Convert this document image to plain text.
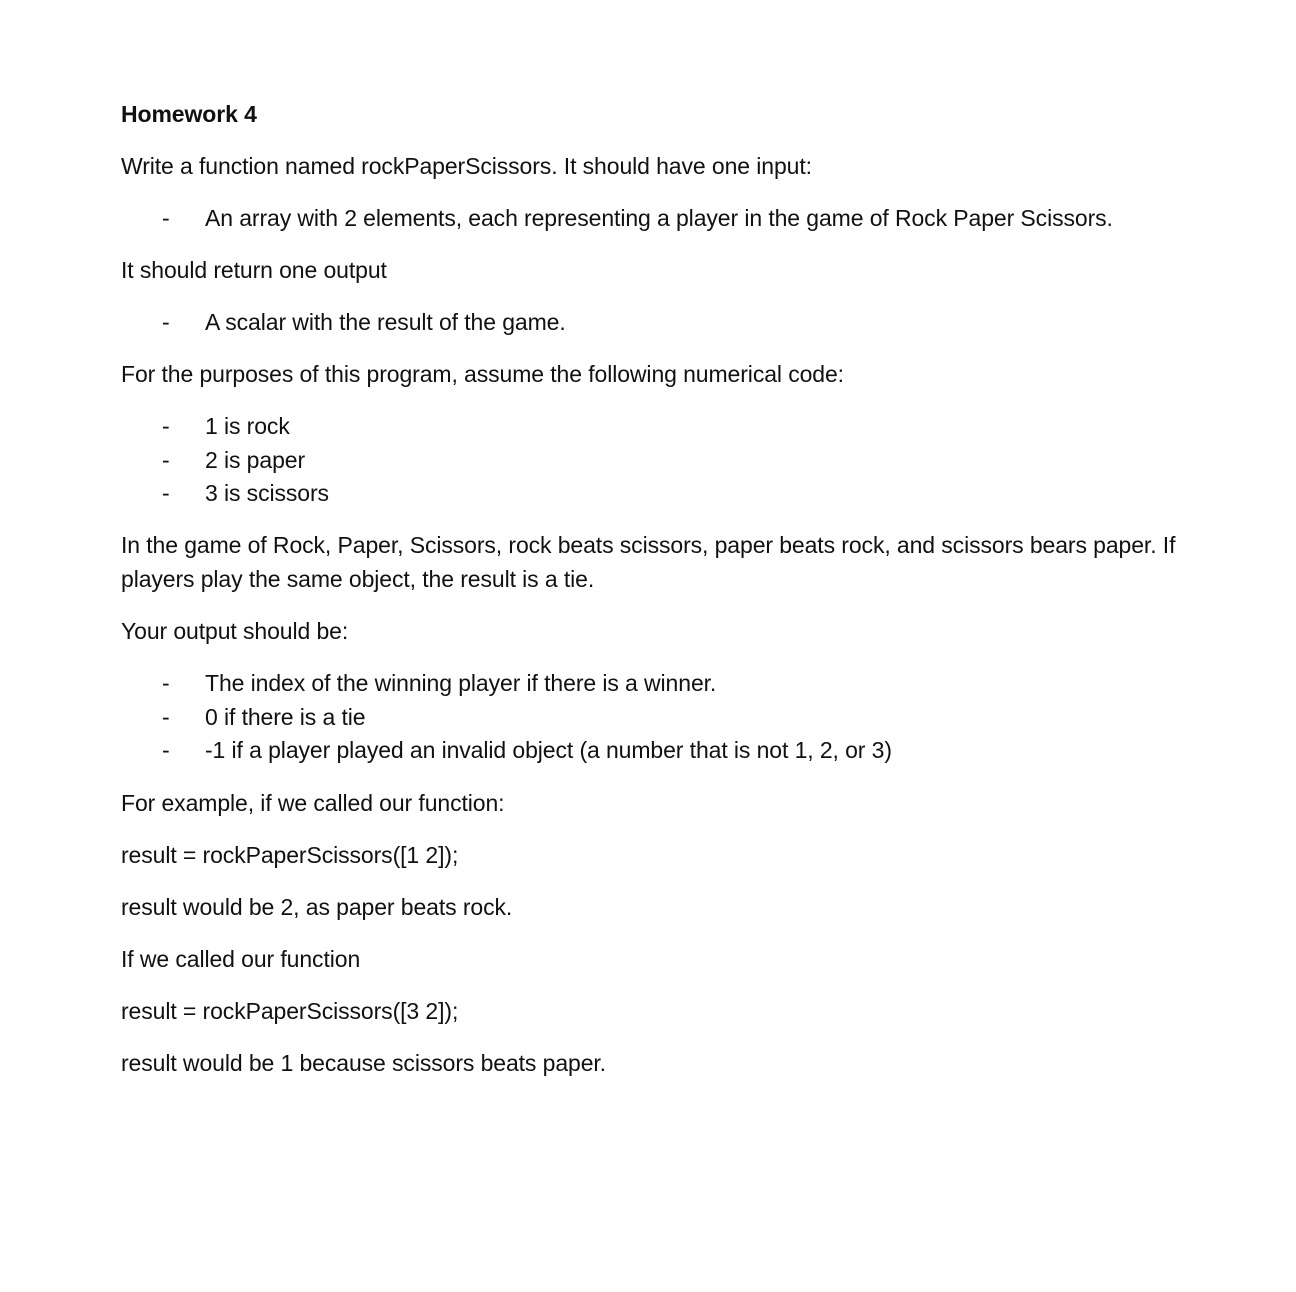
Homework 4
Write a function named rockPaperScissors. It should have one input:
- An array with 2 elements, each representing a player in the game of Rock Paper Scissors.
It should return one output
- A scalar with the result of the game.
For the purposes of this program, assume the following numerical code:
- 1 is rock
- 2 is paper
- 3 is scissors
In the game of Rock, Paper, Scissors, rock beats scissors, paper beats rock, and scissors bears paper. If players play the same object, the result is a tie.
Your output should be:
- The index of the winning player if there is a winner.
- 0 if there is a tie
- -1 if a player played an invalid object (a number that is not 1, 2, or 3)
For example, if we called our function:
result = rockPaperScissors([1 2]);
result would be 2, as paper beats rock.
If we called our function
result = rockPaperScissors([3 2]);
result would be 1 because scissors beats paper.
